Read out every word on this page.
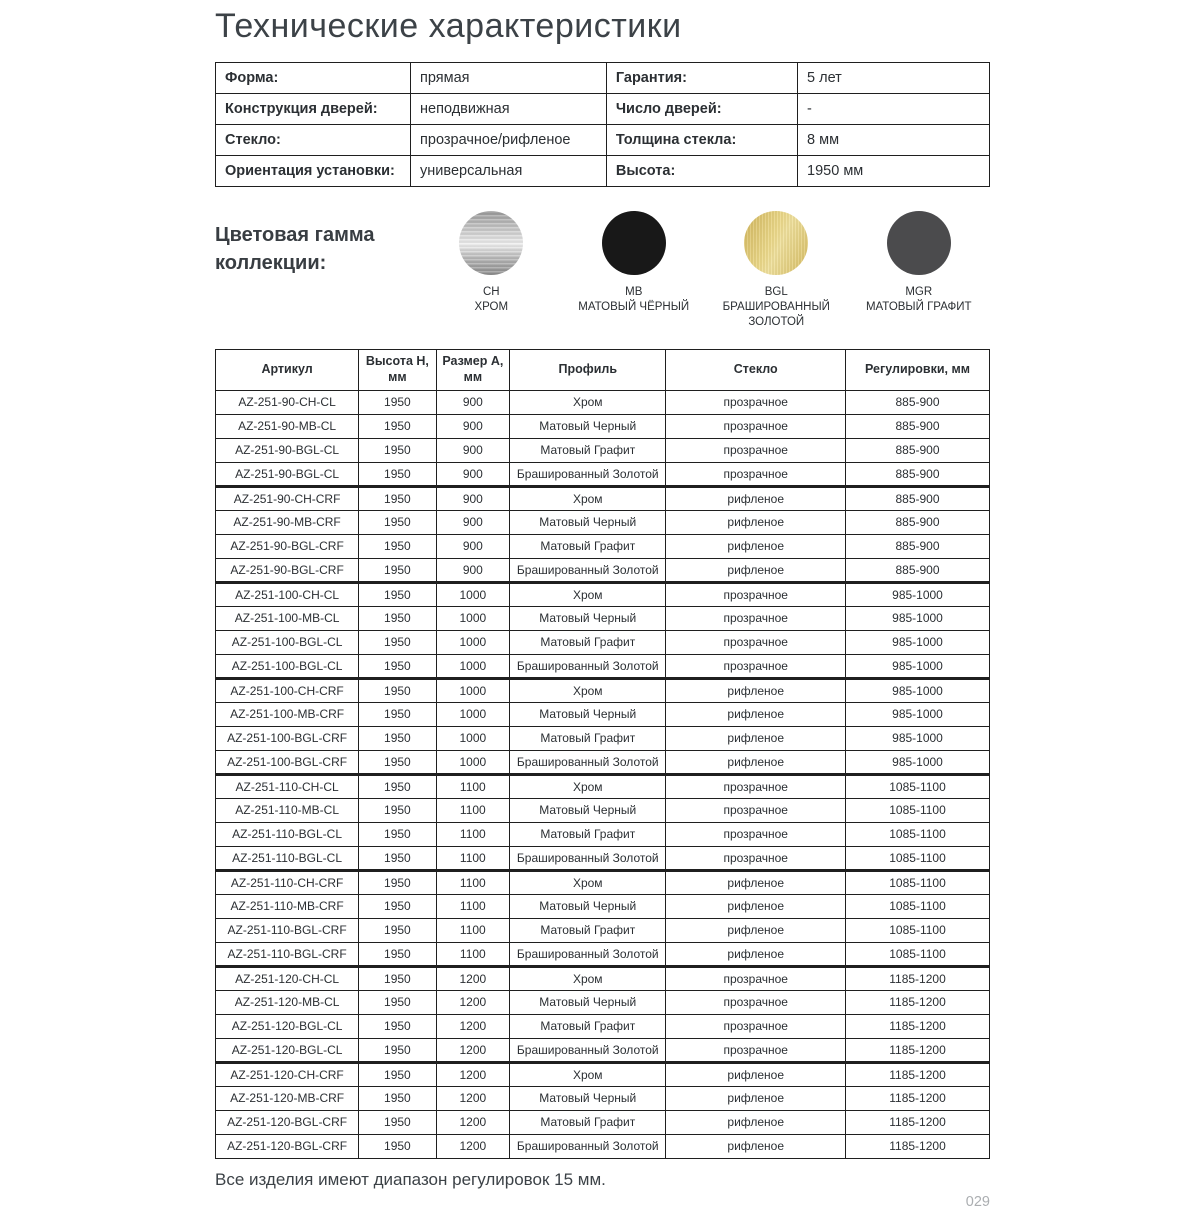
Технические характеристики
Форма:	прямая	Гарантия:	5 лет
Конструкция дверей:	неподвижная	Число дверей:	-
Стекло:	прозрачное/рифленое	Толщина стекла:	8 мм
Ориентация установки:	универсальная	Высота:	1950 мм
Цветовая гамма коллекции:
CH
ХРОМ
MB
МАТОВЫЙ ЧЁРНЫЙ
BGL
БРАШИРОВАННЫЙ ЗОЛОТОЙ
MGR
МАТОВЫЙ ГРАФИТ
Артикул	Высота H, мм	Размер A, мм	Профиль	Стекло	Регулировки, мм
AZ-251-90-CH-CL	1950	900	Хром	прозрачное	885-900
AZ-251-90-MB-CL	1950	900	Матовый Черный	прозрачное	885-900
AZ-251-90-BGL-CL	1950	900	Матовый Графит	прозрачное	885-900
AZ-251-90-BGL-CL	1950	900	Брашированный Золотой	прозрачное	885-900
AZ-251-90-CH-CRF	1950	900	Хром	рифленое	885-900
AZ-251-90-MB-CRF	1950	900	Матовый Черный	рифленое	885-900
AZ-251-90-BGL-CRF	1950	900	Матовый Графит	рифленое	885-900
AZ-251-90-BGL-CRF	1950	900	Брашированный Золотой	рифленое	885-900
AZ-251-100-CH-CL	1950	1000	Хром	прозрачное	985-1000
AZ-251-100-MB-CL	1950	1000	Матовый Черный	прозрачное	985-1000
AZ-251-100-BGL-CL	1950	1000	Матовый Графит	прозрачное	985-1000
AZ-251-100-BGL-CL	1950	1000	Брашированный Золотой	прозрачное	985-1000
AZ-251-100-CH-CRF	1950	1000	Хром	рифленое	985-1000
AZ-251-100-MB-CRF	1950	1000	Матовый Черный	рифленое	985-1000
AZ-251-100-BGL-CRF	1950	1000	Матовый Графит	рифленое	985-1000
AZ-251-100-BGL-CRF	1950	1000	Брашированный Золотой	рифленое	985-1000
AZ-251-110-CH-CL	1950	1100	Хром	прозрачное	1085-1100
AZ-251-110-MB-CL	1950	1100	Матовый Черный	прозрачное	1085-1100
AZ-251-110-BGL-CL	1950	1100	Матовый Графит	прозрачное	1085-1100
AZ-251-110-BGL-CL	1950	1100	Брашированный Золотой	прозрачное	1085-1100
AZ-251-110-CH-CRF	1950	1100	Хром	рифленое	1085-1100
AZ-251-110-MB-CRF	1950	1100	Матовый Черный	рифленое	1085-1100
AZ-251-110-BGL-CRF	1950	1100	Матовый Графит	рифленое	1085-1100
AZ-251-110-BGL-CRF	1950	1100	Брашированный Золотой	рифленое	1085-1100
AZ-251-120-CH-CL	1950	1200	Хром	прозрачное	1185-1200
AZ-251-120-MB-CL	1950	1200	Матовый Черный	прозрачное	1185-1200
AZ-251-120-BGL-CL	1950	1200	Матовый Графит	прозрачное	1185-1200
AZ-251-120-BGL-CL	1950	1200	Брашированный Золотой	прозрачное	1185-1200
AZ-251-120-CH-CRF	1950	1200	Хром	рифленое	1185-1200
AZ-251-120-MB-CRF	1950	1200	Матовый Черный	рифленое	1185-1200
AZ-251-120-BGL-CRF	1950	1200	Матовый Графит	рифленое	1185-1200
AZ-251-120-BGL-CRF	1950	1200	Брашированный Золотой	рифленое	1185-1200
Все изделия имеют диапазон регулировок 15 мм.
029
